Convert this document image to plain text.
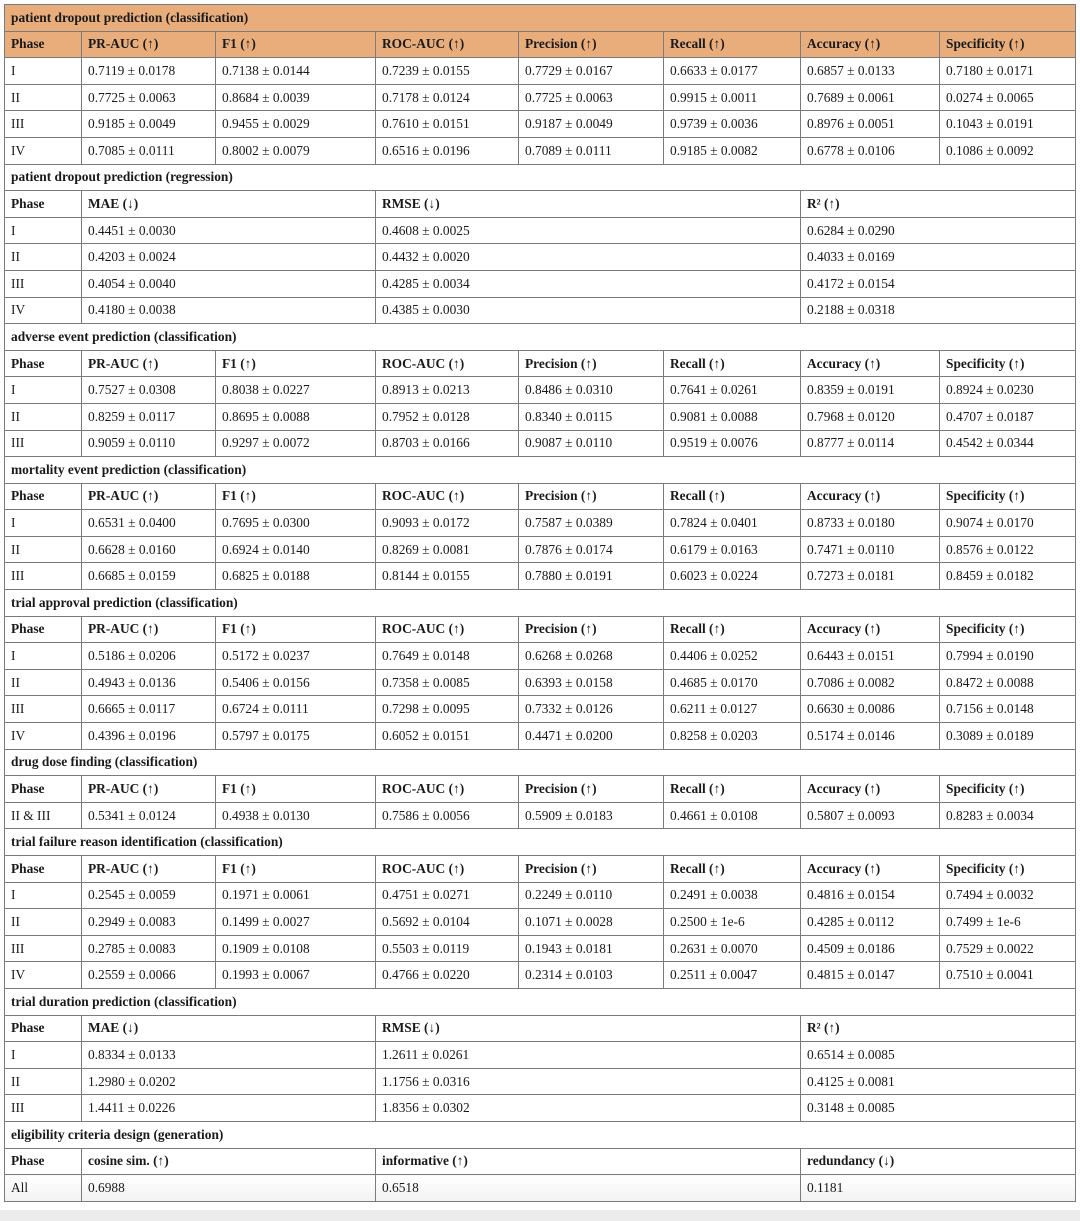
patient dropout prediction (classification)							
Phase	PR-AUC (↑)	F1 (↑)	ROC-AUC (↑)	Precision (↑)	Recall (↑)	Accuracy (↑)	Specificity (↑)
I	0.7119 ± 0.0178	0.7138 ± 0.0144	0.7239 ± 0.0155	0.7729 ± 0.0167	0.6633 ± 0.0177	0.6857 ± 0.0133	0.7180 ± 0.0171
II	0.7725 ± 0.0063	0.8684 ± 0.0039	0.7178 ± 0.0124	0.7725 ± 0.0063	0.9915 ± 0.0011	0.7689 ± 0.0061	0.0274 ± 0.0065
III	0.9185 ± 0.0049	0.9455 ± 0.0029	0.7610 ± 0.0151	0.9187 ± 0.0049	0.9739 ± 0.0036	0.8976 ± 0.0051	0.1043 ± 0.0191
IV	0.7085 ± 0.0111	0.8002 ± 0.0079	0.6516 ± 0.0196	0.7089 ± 0.0111	0.9185 ± 0.0082	0.6778 ± 0.0106	0.1086 ± 0.0092
patient dropout prediction (regression)							
Phase	MAE (↓)		RMSE (↓)			R² (↑)	
I	0.4451 ± 0.0030		0.4608 ± 0.0025			0.6284 ± 0.0290	
II	0.4203 ± 0.0024		0.4432 ± 0.0020			0.4033 ± 0.0169	
III	0.4054 ± 0.0040		0.4285 ± 0.0034			0.4172 ± 0.0154	
IV	0.4180 ± 0.0038		0.4385 ± 0.0030			0.2188 ± 0.0318	
adverse event prediction (classification)							
Phase	PR-AUC (↑)	F1 (↑)	ROC-AUC (↑)	Precision (↑)	Recall (↑)	Accuracy (↑)	Specificity (↑)
I	0.7527 ± 0.0308	0.8038 ± 0.0227	0.8913 ± 0.0213	0.8486 ± 0.0310	0.7641 ± 0.0261	0.8359 ± 0.0191	0.8924 ± 0.0230
II	0.8259 ± 0.0117	0.8695 ± 0.0088	0.7952 ± 0.0128	0.8340 ± 0.0115	0.9081 ± 0.0088	0.7968 ± 0.0120	0.4707 ± 0.0187
III	0.9059 ± 0.0110	0.9297 ± 0.0072	0.8703 ± 0.0166	0.9087 ± 0.0110	0.9519 ± 0.0076	0.8777 ± 0.0114	0.4542 ± 0.0344
mortality event prediction (classification)							
Phase	PR-AUC (↑)	F1 (↑)	ROC-AUC (↑)	Precision (↑)	Recall (↑)	Accuracy (↑)	Specificity (↑)
I	0.6531 ± 0.0400	0.7695 ± 0.0300	0.9093 ± 0.0172	0.7587 ± 0.0389	0.7824 ± 0.0401	0.8733 ± 0.0180	0.9074 ± 0.0170
II	0.6628 ± 0.0160	0.6924 ± 0.0140	0.8269 ± 0.0081	0.7876 ± 0.0174	0.6179 ± 0.0163	0.7471 ± 0.0110	0.8576 ± 0.0122
III	0.6685 ± 0.0159	0.6825 ± 0.0188	0.8144 ± 0.0155	0.7880 ± 0.0191	0.6023 ± 0.0224	0.7273 ± 0.0181	0.8459 ± 0.0182
trial approval prediction (classification)							
Phase	PR-AUC (↑)	F1 (↑)	ROC-AUC (↑)	Precision (↑)	Recall (↑)	Accuracy (↑)	Specificity (↑)
I	0.5186 ± 0.0206	0.5172 ± 0.0237	0.7649 ± 0.0148	0.6268 ± 0.0268	0.4406 ± 0.0252	0.6443 ± 0.0151	0.7994 ± 0.0190
II	0.4943 ± 0.0136	0.5406 ± 0.0156	0.7358 ± 0.0085	0.6393 ± 0.0158	0.4685 ± 0.0170	0.7086 ± 0.0082	0.8472 ± 0.0088
III	0.6665 ± 0.0117	0.6724 ± 0.0111	0.7298 ± 0.0095	0.7332 ± 0.0126	0.6211 ± 0.0127	0.6630 ± 0.0086	0.7156 ± 0.0148
IV	0.4396 ± 0.0196	0.5797 ± 0.0175	0.6052 ± 0.0151	0.4471 ± 0.0200	0.8258 ± 0.0203	0.5174 ± 0.0146	0.3089 ± 0.0189
drug dose finding (classification)							
Phase	PR-AUC (↑)	F1 (↑)	ROC-AUC (↑)	Precision (↑)	Recall (↑)	Accuracy (↑)	Specificity (↑)
II & III	0.5341 ± 0.0124	0.4938 ± 0.0130	0.7586 ± 0.0056	0.5909 ± 0.0183	0.4661 ± 0.0108	0.5807 ± 0.0093	0.8283 ± 0.0034
trial failure reason identification (classification)							
Phase	PR-AUC (↑)	F1 (↑)	ROC-AUC (↑)	Precision (↑)	Recall (↑)	Accuracy (↑)	Specificity (↑)
I	0.2545 ± 0.0059	0.1971 ± 0.0061	0.4751 ± 0.0271	0.2249 ± 0.0110	0.2491 ± 0.0038	0.4816 ± 0.0154	0.7494 ± 0.0032
II	0.2949 ± 0.0083	0.1499 ± 0.0027	0.5692 ± 0.0104	0.1071 ± 0.0028	0.2500 ± 1e-6	0.4285 ± 0.0112	0.7499 ± 1e-6
III	0.2785 ± 0.0083	0.1909 ± 0.0108	0.5503 ± 0.0119	0.1943 ± 0.0181	0.2631 ± 0.0070	0.4509 ± 0.0186	0.7529 ± 0.0022
IV	0.2559 ± 0.0066	0.1993 ± 0.0067	0.4766 ± 0.0220	0.2314 ± 0.0103	0.2511 ± 0.0047	0.4815 ± 0.0147	0.7510 ± 0.0041
trial duration prediction (classification)							
Phase	MAE (↓)		RMSE (↓)			R² (↑)	
I	0.8334 ± 0.0133		1.2611 ± 0.0261			0.6514 ± 0.0085	
II	1.2980 ± 0.0202		1.1756 ± 0.0316			0.4125 ± 0.0081	
III	1.4411 ± 0.0226		1.8356 ± 0.0302			0.3148 ± 0.0085	
eligibility criteria design (generation)							
Phase	cosine sim. (↑)		informative (↑)			redundancy (↓)	
All	0.6988		0.6518			0.1181	
